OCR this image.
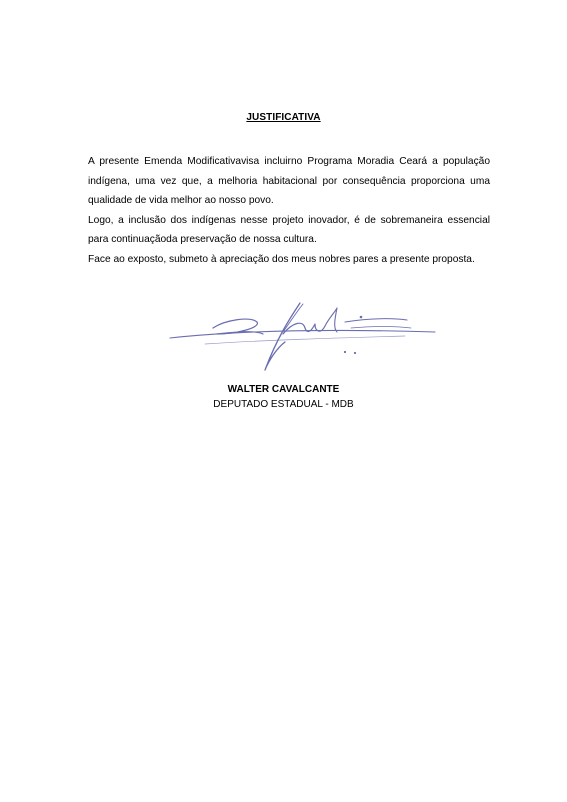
JUSTIFICATIVA

A presente Emenda Modificativavisa incluirno Programa Moradia Ceará a população indígena, uma vez que, a melhoria habitacional por consequência proporciona uma qualidade de vida melhor ao nosso povo.

Logo, a inclusão dos indígenas nesse projeto inovador, é de sobremaneira essencial para continuaçãoda preservação de nossa cultura.

Face ao exposto, submeto à apreciação dos meus nobres pares a presente proposta.

WALTER CAVALCANTE
DEPUTADO ESTADUAL - MDB
